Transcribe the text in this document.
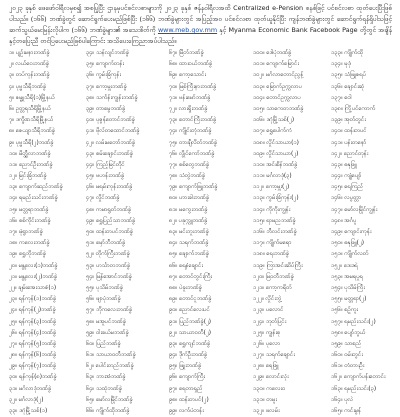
၂၀၂၃ ခုနှစ် ဖေဖော်ဝါရီလမှစ၍ အစပြုပြီး ဌာနမှပင်စင်လစာများကို ၂၀၂၃ ခုနှစ် ဇန်နဝါရီလအထိ Centralized e-Pension စနစ်ဖြင့် ပင်စင်လစာ ထုတ်ပေးပြီးဖြစ်ပါသည်။ (၁၆၆) ဘဏ်ခွဲတွင် ဆောင်ရွက်ပေးမည်ဖြစ်ပြီး (၁၆၆) ဘဏ်ခွဲများတွင် အပြည့်အဝ ပင်စင်လစာ ထုတ်ယူနိုင်ပြီး ကျန်ဘဏ်ခွဲများတွင် ဆောင်ရွက်ရန်ရှိပါသဖြင့် ဆက်သွယ်မေးမြန်းလိုပါက (၁၆၆) ဘဏ်ခွဲများ၏ အသေးစိတ်ကို www.meb.gov.mm နှင့် Myanma Economic Bank Facebook Page တို့တွင် အချိန်နှင့်တပြေးညီ တင်ပြပေးမည်ဖြစ်ပါကြောင်း အသိပေးကြေညာအပ်ပါသည်။

၁။ ပျဉ်းမနားဘဏ်ခွဲ	၃၄။ သန်လျင်ဘဏ်ခွဲ	၆၇။ မြိတ်ဘဏ်ခွဲ	၁၀၀။ ဒေါပုံဘဏ်ခွဲ	၁၃၃။ ကျိုက်ထို
၂။ လယ်ဝေးဘဏ်ခွဲ	၃၅။ ကျောက်တန်း	၆၈။ ထားဝယ်ဘဏ်ခွဲ	၁၀၁။ ကျောက်မြောင်း	၁၃၄။ မုဒုံ
၃။ တပ်ကုန်းဘဏ်ခွဲ	၃၆။ ကွမ်းခြံကုန်း	၆၉။ ကော့သောင်း	၁၀၂။ မင်္ဂလာတောင်ညွန့်	၁၃၅။ သံဖြူဇရပ်
၄။ ပုဗ္ဗသီရိဘဏ်ခွဲ	၃၇။ ကော့မှူးဘဏ်ခွဲ	၇၀။ မြစ်ကြီးနားဘဏ်ခွဲ	၁၀၃။ မြောက်ဥက္ကလာပ	၁၃၆။ ချောင်းဆုံ
၅။ ဇမ္ဗူသီရိ(၁)မြို့နယ်	၃၈။ သင်္ကန်းကျွန်းဘဏ်ခွဲ	၇၁။ ဗန်းမော်ဘဏ်ခွဲ	၁၀၄။ တောင်ဥက္ကလာပ	၁၃၇။ ဝေါ
၆။ ဥတ္တရသီရိမြို့နယ်	၃၉။ တာမွေဘဏ်ခွဲ	၇၂။ လားရှိုးဘဏ်ခွဲ	၁၀၅။ သာကေတဘဏ်ခွဲ	၁၃၈။ ကြို့ပင်ကောက်
၇။ ဒက္ခိဏသီရိမြို့နယ်	၄၀။ ပုဇွန်တောင်ဘဏ်ခွဲ	၇၃။ တောင်ကြီးဘဏ်ခွဲ	၁၀၆။ ဒဂုံမြို့သစ်(၂)	၁၃၉။ အုတ်တွင်း
၈။ ဇေယျာသီရိဘဏ်ခွဲ	၄၁။ ဗိုလ်တထောင်ဘဏ်ခွဲ	၇၄။ ကျိုင်းတုံဘဏ်ခွဲ	၁၀၇။ ရွှေပေါက်ကံ	၁၄၀။ ထန်းတပင်
၉။ ပုဗ္ဗသီရိ(၂)ဘဏ်ခွဲ	၄၂။ လမ်းမတော်ဘဏ်ခွဲ	၇၅။ တာချီလိတ်ဘဏ်ခွဲ	၁၀၈။ လှိုင်သာယာ(၁)	၁၄၁။ ပန်းတနော်
၁၀။ မိတ္ထီလာဘဏ်ခွဲ	၄၃။ စမ်းချောင်းဘဏ်ခွဲ	၇၆။ လွိုင်ကော်ဘဏ်ခွဲ	၁၀၉။ လှိုင်သာယာ(၂)	၁၄၂။ ညောင်တုန်း
၁၁။ ညောင်ဦးဘဏ်ခွဲ	၄၄။ ကြည့်မြင်တိုင်	၇၇။ စစ်တွေဘဏ်ခွဲ	၁၁၀။ အင်းစိန်ဘဏ်ခွဲ	၁၄၃။ ဓနုဖြူ
၁၂။ မြင်းခြံဘဏ်ခွဲ	၄၅။ ဗဟန်းဘဏ်ခွဲ	၇၈။ သံတွဲဘဏ်ခွဲ	၁၁၁။ မင်္ဂလာဒုံ(၃)	၁၄၄။ ကျုံပျော်
၁၃။ ကျောက်ဆည်ဘဏ်ခွဲ	၄၆။ မရမ်းကုန်းဘဏ်ခွဲ	၇၉။ ကျောက်ဖြူဘဏ်ခွဲ	၁၁၂။ ကော့မှူး(၂)	၁၄၅။ ရေကြည်
၁၄။ ရမည်းသင်းဘဏ်ခွဲ	၄၇။ လှိုင်ဘဏ်ခွဲ	၈၀။ ဟားခါးဘဏ်ခွဲ	၁၁၃။ ကွမ်းခြံကုန်း(၂)	၁၄၆။ လပွတ္တာ
၁၅။ မတ္တရာဘဏ်ခွဲ	၄၈။ ကမာရွတ်ဘဏ်ခွဲ	၈၁။ မကွေးဘဏ်ခွဲ	၁၁၄။ ကိုကိုးကျွန်း	၁၄၇။ မော်လမြိုင်ကျွန်း
၁၆။ စစ်ကိုင်းဘဏ်ခွဲ	၄၉။ ရွှေပြည်သာဘဏ်ခွဲ	၈၂။ ပခုက္ကူဘဏ်ခွဲ	၁၁၅။ ရာမညဘဏ်ခွဲ	၁၄၈။ အင်္ဂပူ
၁၇။ မုံရွာဘဏ်ခွဲ	၅၀။ ထန်းတပင်ဘဏ်ခွဲ	၈၃။ မင်းဘူးဘဏ်ခွဲ	၁၁၆။ ဘီလင်းဘဏ်ခွဲ	၁၄၉။ ကျောင်းကုန်း
၁၈။ ကလေးဘဏ်ခွဲ	၅၁။ မှော်ဘီဘဏ်ခွဲ	၈၄။ သရက်ဘဏ်ခွဲ	၁၁၇။ ကျိုက်မရော	၁၅၀။ ဓနုဖြူ(၂)
၁၉။ ရွှေဘိုဘဏ်ခွဲ	၅၂။ တိုက်ကြီးဘဏ်ခွဲ	၈၅။ ချောက်ဘဏ်ခွဲ	၁၁၈။ ရေးဘဏ်ခွဲ	၁၅၁။ ကျိုက်လတ်
၂၀။ မန္တလေး(၁)ဘဏ်ခွဲ	၅၃။ ဟင်္သာတဘဏ်ခွဲ	၈၆။ ရေနံချောင်း	၁၁၉။ ကြာအင်းဆိပ်ကြီး	၁၅၂။ ဒေးဒရဲ
၂၁။ မန္တလေး(၂)ဘဏ်ခွဲ	၅၄။ မြန်အောင်ဘဏ်ခွဲ	၈၇။ တောင်တွင်းကြီး	၁၂၀။ မြဝတီဘဏ်ခွဲ	၁၅၃။ အမရပူရ
၂၂။ ချမ်းအေးသာဇံ(၁)	၅၅။ ပုသိမ်ဘဏ်ခွဲ	၈၈။ ပဲခူးဘဏ်ခွဲ	၁၂၁။ ကော့ကရိတ်	၁၅၄။ ပုသိမ်ကြီး
၂၃။ ရန်ကုန်(၁)ဘဏ်ခွဲ	၅၆။ ဖျာပုံဘဏ်ခွဲ	၈၉။ တောင်ငူဘဏ်ခွဲ	၁၂၂။ လှိုင်းဘွဲ့	၁၅၅။ မတ္တရာ(၂)
၂၄။ ရန်ကုန်(၂)ဘဏ်ခွဲ	၅၇။ ဘိုကလေးဘဏ်ခွဲ	၉၀။ ညောင်လေးပင်	၁၂၃။ ပလောင်	၁၅၆။ စဉ့်ကူး
၂၅။ ရန်ကုန်(၃)ဘဏ်ခွဲ	၅၈။ မအူပင်ဘဏ်ခွဲ	၉၁။ ပြည်ဘဏ်ခွဲ(၂)	၁၂၄။ ဘုတ်ပြင်း	၁၅၇။ ရမည်းသင်း(၂)
၂၆။ ရန်ကုန်(၄)ဘဏ်ခွဲ	၅၉။ ဝါးခယ်မဘဏ်ခွဲ	၉၂။ သာယာဝတီ(၂)	၁၂၅။ ကျွန်းစု	၁၅၈။ ပျော်ဘွယ်
၂၇။ ရန်ကုန်(၅)ဘဏ်ခွဲ	၆၀။ ပြည်ဘဏ်ခွဲ	၉၃။ ရွှေကျင်ဘဏ်ခွဲ	၁၂၆။ ပုလော	၁၅၉။ သာစည်
၂၈။ ရန်ကုန်(၆)ဘဏ်ခွဲ	၆၁။ သာယာဝတီဘဏ်ခွဲ	၉၄။ ဒိုက်ဦးဘဏ်ခွဲ	၁၂၇။ သရက်ချောင်း	၁၆၀။ ဝမ်းတွင်း
၂၉။ ရန်ကုန်(၇)ဘဏ်ခွဲ	၆၂။ ပေါင်းတည်ဘဏ်ခွဲ	၉၅။ ဖြူးဘဏ်ခွဲ	၁၂၈။ ရေဖြူ	၁၆၁။ တံတားဦး
၃၀။ ရန်ကုန်(၈)ဘဏ်ခွဲ	၆၃။ ဘားအံဘဏ်ခွဲ	၉၆။ ကျောက်ကြီး	၁၂၉။ လောင်းလုံး	၁၆၂။ ကျောက်ပန်းတောင်း
၃၁။ မင်္ဂလာဒုံဘဏ်ခွဲ	၆၄။ သထုံဘဏ်ခွဲ	၉၇။ ရေတာရှည်	၁၃၀။ ကလေးဝ	၁၆၃။ ရမည်းသင်း(၃)
၃၂။ မင်္ဂလာဒုံ(၂)	၆၅။ မော်လမြိုင်ဘဏ်ခွဲ	၉၈။ ထန်းတပင်(၂)	၁၃၁။ တမူး	၁၆၄။ ပုလဲ
၃၃။ ဒဂုံမြို့သစ်(၁)	၆၆။ ကျိုက်ထိုဘဏ်ခွဲ	၉၉။ လက်ပံတန်း	၁၃၂။ ဖလမ်း	၁၆၅။ ကင်းမွန်
